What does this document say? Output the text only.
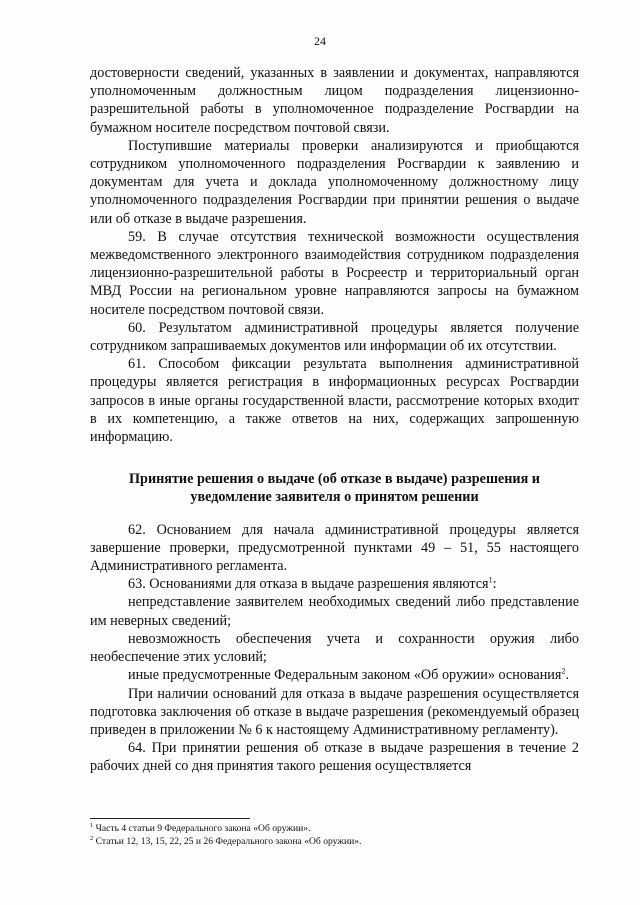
24

достоверности сведений, указанных в заявлении и документах, направляются уполномоченным должностным лицом подразделения лицензионно-разрешительной работы в уполномоченное подразделение Росгвардии на бумажном носителе посредством почтовой связи.

Поступившие материалы проверки анализируются и приобщаются сотрудником уполномоченного подразделения Росгвардии к заявлению и документам для учета и доклада уполномоченному должностному лицу уполномоченного подразделения Росгвардии при принятии решения о выдаче или об отказе в выдаче разрешения.

59. В случае отсутствия технической возможности осуществления межведомственного электронного взаимодействия сотрудником подразделения лицензионно-разрешительной работы в Росреестр и территориальный орган МВД России на региональном уровне направляются запросы на бумажном носителе посредством почтовой связи.

60. Результатом административной процедуры является получение сотрудником запрашиваемых документов или информации об их отсутствии.

61. Способом фиксации результата выполнения административной процедуры является регистрация в информационных ресурсах Росгвардии запросов в иные органы государственной власти, рассмотрение которых входит в их компетенцию, а также ответов на них, содержащих запрошенную информацию.

Принятие решения о выдаче (об отказе в выдаче) разрешения и уведомление заявителя о принятом решении

62. Основанием для начала административной процедуры является завершение проверки, предусмотренной пунктами 49 – 51, 55 настоящего Административного регламента.

63. Основаниями для отказа в выдаче разрешения являются$^1$:

непредставление заявителем необходимых сведений либо представление им неверных сведений;

невозможность обеспечения учета и сохранности оружия либо необеспечение этих условий;

иные предусмотренные Федеральным законом «Об оружии» основания$^2$.

При наличии оснований для отказа в выдаче разрешения осуществляется подготовка заключения об отказе в выдаче разрешения (рекомендуемый образец приведен в приложении № 6 к настоящему Административному регламенту).

64. При принятии решения об отказе в выдаче разрешения в течение 2 рабочих дней со дня принятия такого решения осуществляется

$^1$ Часть 4 статьи 9 Федерального закона «Об оружии».

$^2$ Статьи 12, 13, 15, 22, 25 и 26 Федерального закона «Об оружии».
